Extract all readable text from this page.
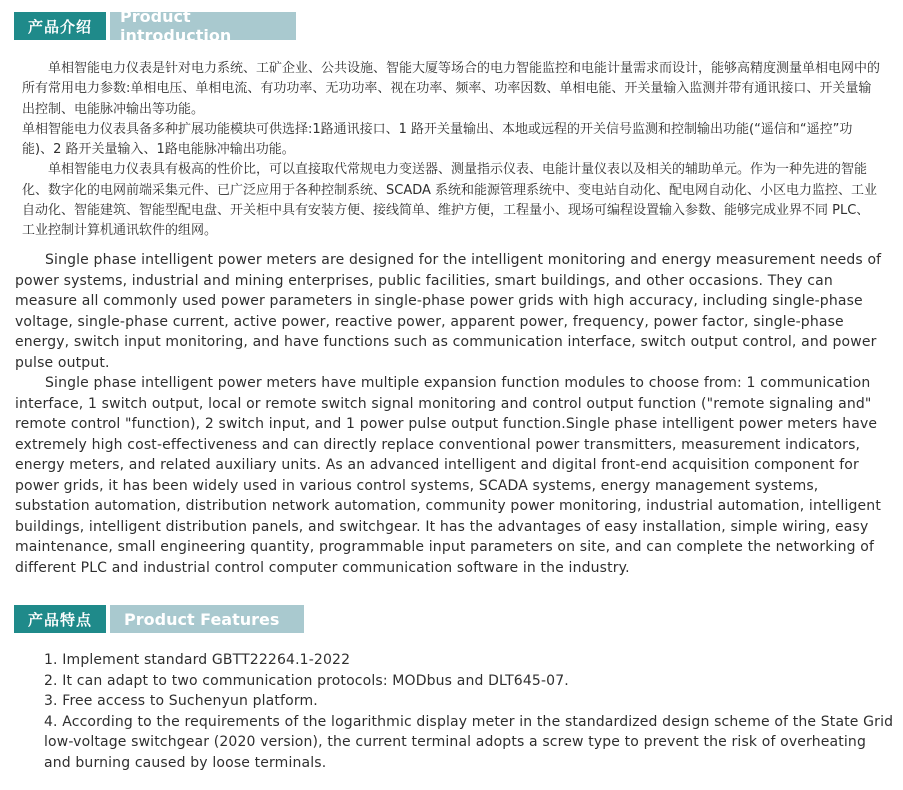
产品介绍
Product introduction

单相智能电力仪表是针对电力系统、工矿企业、公共设施、智能大厦等场合的电力智能监控和电能计量需求而设计，能够高精度测量单相电网中的所有常用电力参数:单相电压、单相电流、有功功率、无功功率、视在功率、频率、功率因数、单相电能、开关量输入监测并带有通讯接口、开关量输出控制、电能脉冲输出等功能。

单相智能电力仪表具备多种扩展功能模块可供选择:1路通讯接口、1 路开关量输出、本地或远程的开关信号监测和控制输出功能(“遥信和“遥控”功能)、2 路开关量输入、1路电能脉冲输出功能。

单相智能电力仪表具有极高的性价比，可以直接取代常规电力变送器、测量指示仪表、电能计量仪表以及相关的辅助单元。作为一种先进的智能化、数字化的电网前端采集元件、已广泛应用于各种控制系统、SCADA 系统和能源管理系统中、变电站自动化、配电网自动化、小区电力监控、工业自动化、智能建筑、智能型配电盘、开关柜中具有安装方便、接线简单、维护方便，工程量小、现场可编程设置输入参数、能够完成业界不同 PLC、工业控制计算机通讯软件的组网。

Single phase intelligent power meters are designed for the intelligent monitoring and energy measurement needs of power systems, industrial and mining enterprises, public facilities, smart buildings, and other occasions. They can measure all commonly used power parameters in single-phase power grids with high accuracy, including single-phase voltage, single-phase current, active power, reactive power, apparent power, frequency, power factor, single-phase energy, switch input monitoring, and have functions such as communication interface, switch output control, and power pulse output.

Single phase intelligent power meters have multiple expansion function modules to choose from: 1 communication interface, 1 switch output, local or remote switch signal monitoring and control output function ("remote signaling and" remote control "function), 2 switch input, and 1 power pulse output function.Single phase intelligent power meters have extremely high cost-effectiveness and can directly replace conventional power transmitters, measurement indicators, energy meters, and related auxiliary units. As an advanced intelligent and digital front-end acquisition component for power grids, it has been widely used in various control systems, SCADA systems, energy management systems, substation automation, distribution network automation, community power monitoring, industrial automation, intelligent buildings, intelligent distribution panels, and switchgear. It has the advantages of easy installation, simple wiring, easy maintenance, small engineering quantity, programmable input parameters on site, and can complete the networking of different PLC and industrial control computer communication software in the industry.

产品特点	Product Features

1. Implement standard GBTT22264.1-2022

2. It can adapt to two communication protocols: MODbus and DLT645-07.

3. Free access to Suchenyun platform.

4. According to the requirements of the logarithmic display meter in the standardized design scheme of the State Grid low-voltage switchgear (2020 version), the current terminal adopts a screw type to prevent the risk of overheating and burning caused by loose terminals.
